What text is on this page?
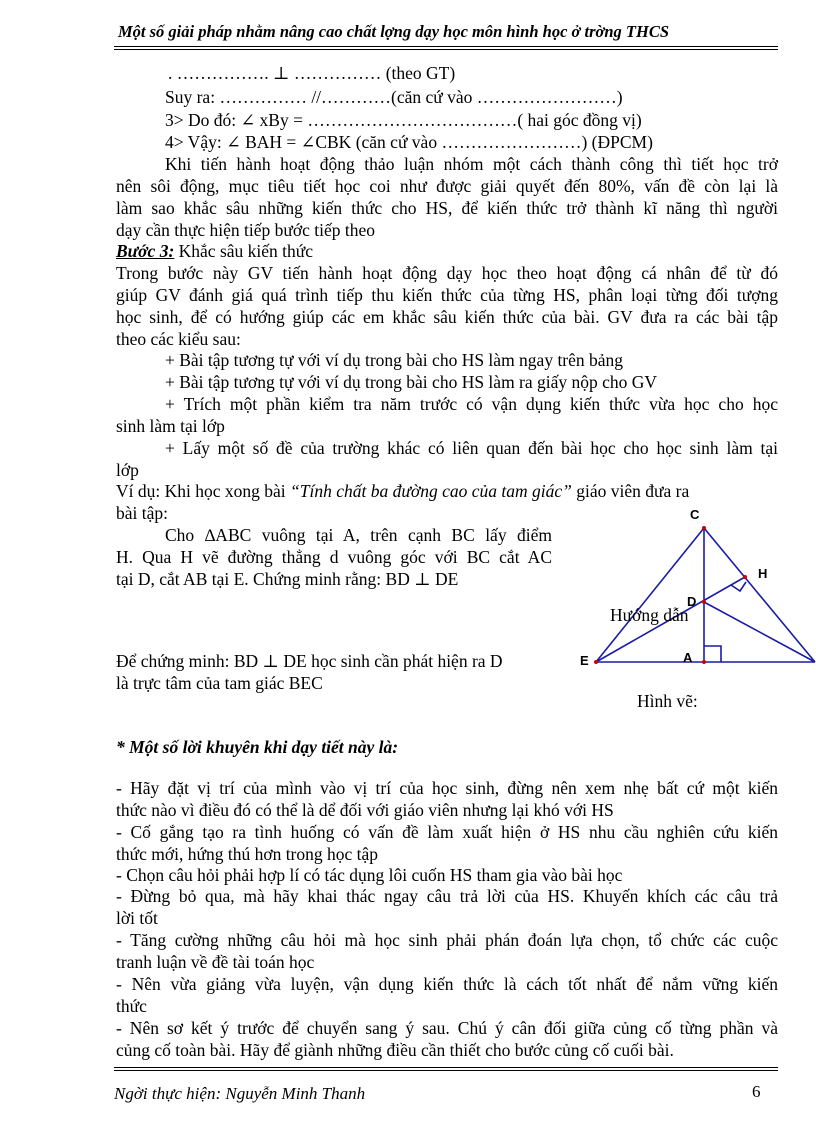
Một số giải pháp nhằm nâng cao chất lợng dạy học môn hình học ở trờng THCS
. ……………. ⊥ …………… (theo GT)
Suy ra: …………… //…………(căn cứ vào ……………………)
3> Do đó: ∠ xBy = ………………………………( hai góc đồng vị)
4> Vậy: ∠ BAH = ∠CBK (căn cứ vào ……………………) (ĐPCM)
Khi tiến hành hoạt động thảo luận nhóm một cách thành công thì tiết học trở
nên sôi động, mục tiêu tiết học coi như được giải quyết đến 80%, vấn đề còn lại là
làm sao khắc sâu những kiến thức cho HS, để kiến thức trở thành kĩ năng thì người
dạy cần thực hiện tiếp bước tiếp theo
Bước 3: Khắc sâu kiến thức
Trong bước này GV tiến hành hoạt động dạy học theo hoạt động cá nhân để từ đó
giúp GV đánh giá quá trình tiếp thu kiến thức của từng HS, phân loại từng đối tượng
học sinh, để có hướng giúp các em khắc sâu kiến thức của bài. GV đưa ra các bài tập
theo các kiểu sau:
+ Bài tập tương tự với ví dụ trong bài cho HS làm ngay trên bảng
+ Bài tập tương tự với ví dụ trong bài cho HS làm ra giấy nộp cho GV
+ Trích một phần kiểm tra năm trước có vận dụng kiến thức vừa học cho học
sinh làm tại lớp
+ Lấy một số đề của trường khác có liên quan đến bài học cho học sinh làm tại
lớp
Ví dụ: Khi học xong bài “Tính chất ba đường cao của tam giác” giáo viên đưa ra
bài tập:
Cho ∆ABC vuông tại A, trên cạnh BC lấy điểm
H. Qua H vẽ đường thẳng d vuông góc với BC cắt AC
tại D, cắt AB tại E. Chứng minh rằng: BD ⊥ DE
C
H
D
E	A
Hướng dẫn
Hình vẽ:
Để chứng minh: BD ⊥ DE học sinh cần phát hiện ra D
là trực tâm của tam giác BEC
* Một số lời khuyên khi dạy tiết này là:
- Hãy đặt vị trí của mình vào vị trí của học sinh, đừng nên xem nhẹ bất cứ một kiến
thức nào vì điều đó có thể là dể đối với giáo viên nhưng lại khó với HS
- Cố gắng tạo ra tình huống có vấn đề làm xuất hiện ở HS nhu cầu nghiên cứu kiến
thức mới, hứng thú hơn trong học tập
- Chọn câu hỏi phải hợp lí có tác dụng lôi cuốn HS tham gia vào bài học
- Đừng bỏ qua, mà hãy khai thác ngay câu trả lời của HS. Khuyến khích các câu trả
lời tốt
- Tăng cường những câu hỏi mà học sinh phải phán đoán lựa chọn, tổ chức các cuộc
tranh luận về đề tài toán học
- Nên vừa giảng vừa luyện, vận dụng kiến thức là cách tốt nhất để nắm vững kiến
thức
- Nên sơ kết ý trước để chuyển sang ý sau. Chú ý cân đối giữa củng cố từng phần và
củng cố toàn bài. Hãy để giành những điều cần thiết cho bước củng cố cuối bài.
Ngời thực hiện: Nguyễn Minh Thanh	6
